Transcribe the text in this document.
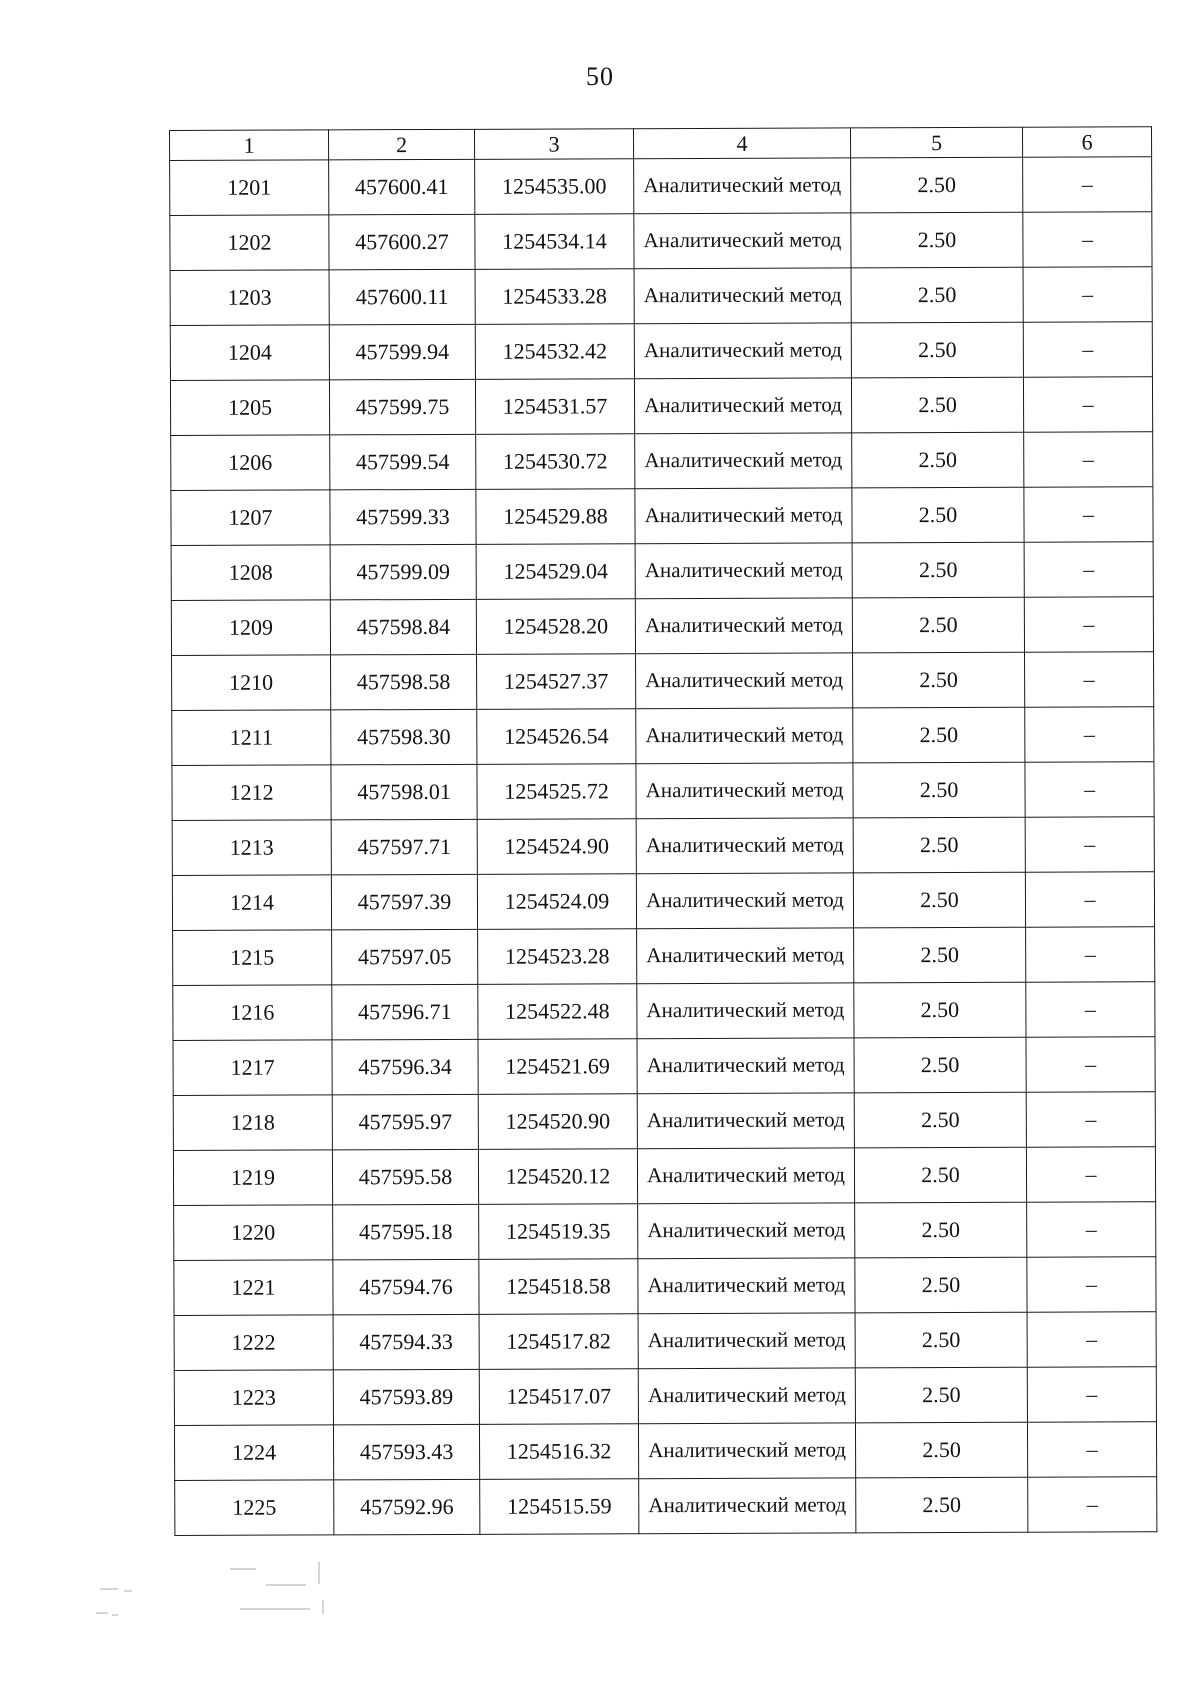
50
1	2	3	4	5	6
1201	457600.41	1254535.00	Аналитический метод	2.50	–
1202	457600.27	1254534.14	Аналитический метод	2.50	–
1203	457600.11	1254533.28	Аналитический метод	2.50	–
1204	457599.94	1254532.42	Аналитический метод	2.50	–
1205	457599.75	1254531.57	Аналитический метод	2.50	–
1206	457599.54	1254530.72	Аналитический метод	2.50	–
1207	457599.33	1254529.88	Аналитический метод	2.50	–
1208	457599.09	1254529.04	Аналитический метод	2.50	–
1209	457598.84	1254528.20	Аналитический метод	2.50	–
1210	457598.58	1254527.37	Аналитический метод	2.50	–
1211	457598.30	1254526.54	Аналитический метод	2.50	–
1212	457598.01	1254525.72	Аналитический метод	2.50	–
1213	457597.71	1254524.90	Аналитический метод	2.50	–
1214	457597.39	1254524.09	Аналитический метод	2.50	–
1215	457597.05	1254523.28	Аналитический метод	2.50	–
1216	457596.71	1254522.48	Аналитический метод	2.50	–
1217	457596.34	1254521.69	Аналитический метод	2.50	–
1218	457595.97	1254520.90	Аналитический метод	2.50	–
1219	457595.58	1254520.12	Аналитический метод	2.50	–
1220	457595.18	1254519.35	Аналитический метод	2.50	–
1221	457594.76	1254518.58	Аналитический метод	2.50	–
1222	457594.33	1254517.82	Аналитический метод	2.50	–
1223	457593.89	1254517.07	Аналитический метод	2.50	–
1224	457593.43	1254516.32	Аналитический метод	2.50	–
1225	457592.96	1254515.59	Аналитический метод	2.50	–
